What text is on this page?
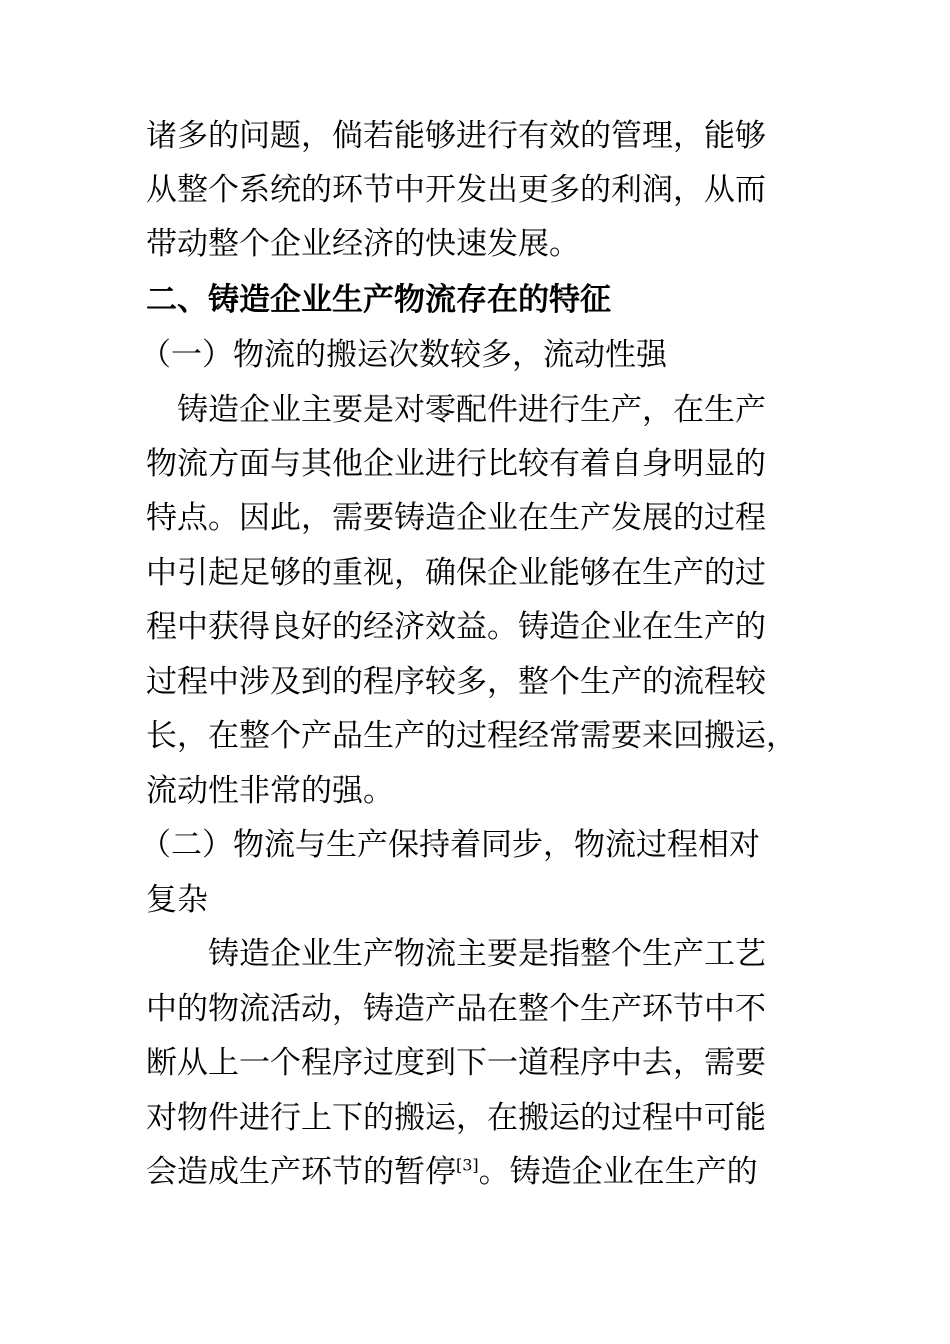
诸多的问题，倘若能够进行有效的管理，能够
从整个系统的环节中开发出更多的利润，从而
带动整个企业经济的快速发展。
二、铸造企业生产物流存在的特征
（一）物流的搬运次数较多，流动性强
　铸造企业主要是对零配件进行生产，在生产
物流方面与其他企业进行比较有着自身明显的
特点。因此，需要铸造企业在生产发展的过程
中引起足够的重视，确保企业能够在生产的过
程中获得良好的经济效益。铸造企业在生产的
过程中涉及到的程序较多，整个生产的流程较
长，在整个产品生产的过程经常需要来回搬运，
流动性非常的强。
（二）物流与生产保持着同步，物流过程相对
复杂
　　铸造企业生产物流主要是指整个生产工艺
中的物流活动，铸造产品在整个生产环节中不
断从上一个程序过度到下一道程序中去，需要
对物件进行上下的搬运，在搬运的过程中可能
会造成生产环节的暂停[3]。铸造企业在生产的
